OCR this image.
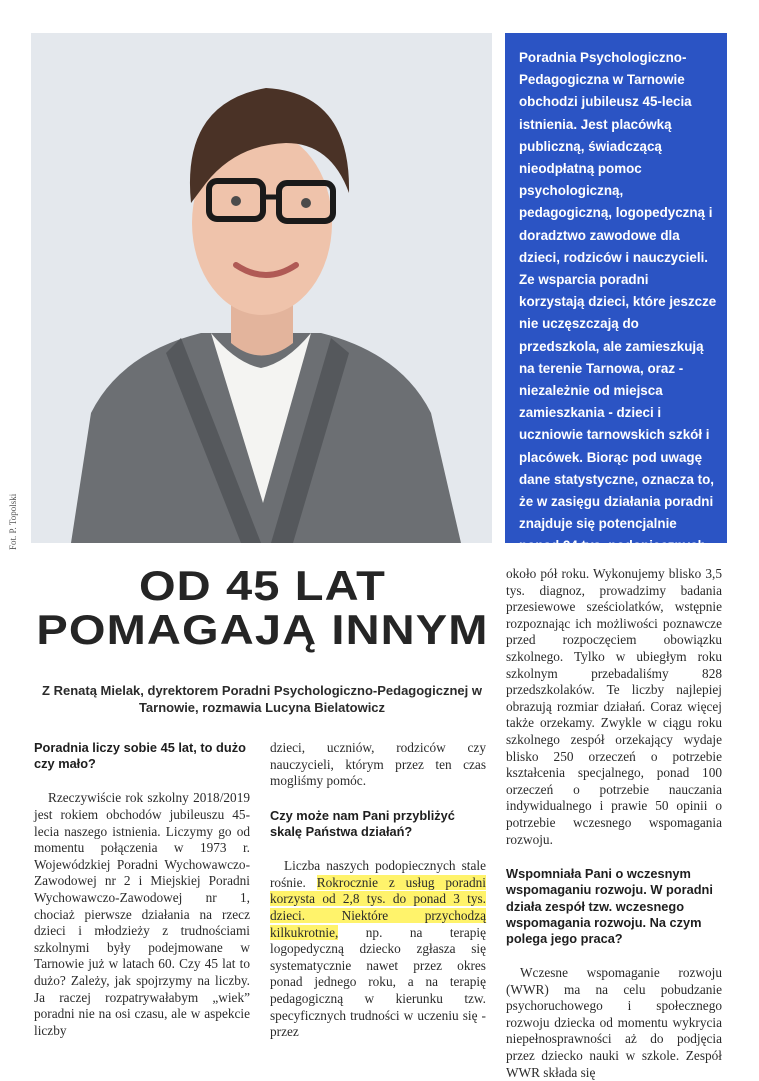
Fot. P. Topolski

Poradnia Psychologiczno-Pedagogiczna w Tarnowie obchodzi jubileusz 45-lecia istnienia. Jest placówką publiczną, świadczącą nieodpłatną pomoc psychologiczną, pedagogiczną, logopedyczną i doradztwo zawodowe dla dzieci, rodziców i nauczycieli. Ze wsparcia poradni korzystają dzieci, które jeszcze nie uczęszczają do przedszkola, ale zamieszkują na terenie Tarnowa, oraz - niezależnie od miejsca zamieszkania - dzieci i uczniowie tarnowskich szkół i placówek. Biorąc pod uwagę dane statystyczne, oznacza to, że w zasięgu działania poradni znajduje się potencjalnie ponad 24 tys. podopiecznych.

OD 45 LAT
POMAGAJĄ INNYM
Z Renatą Mielak, dyrektorem Poradni Psychologiczno-Pedagogicznej w Tarnowie, rozmawia Lucyna Bielatowicz

Poradnia liczy sobie 45 lat, to dużo czy mało?

Rzeczywiście rok szkolny 2018/2019 jest rokiem obchodów jubileuszu 45-lecia naszego istnienia. Liczymy go od momentu połączenia w 1973 r. Wojewódzkiej Poradni Wychowawczo-Zawodowej nr 2 i Miejskiej Poradni Wychowawczo-Zawodowej nr 1, chociaż pierwsze działania na rzecz dzieci i młodzieży z trudnościami szkolnymi były podejmowane w Tarnowie już w latach 60. Czy 45 lat to dużo? Zależy, jak spojrzymy na liczby. Ja raczej rozpatrywałabym „wiek” poradni nie na osi czasu, ale w aspekcie liczby

dzieci, uczniów, rodziców czy nauczycieli, którym przez ten czas mogliśmy pomóc.

Czy może nam Pani przybliżyć skalę Państwa działań?

Liczba naszych podopiecznych stale rośnie. Rokrocznie z usług poradni korzysta od 2,8 tys. do ponad 3 tys. dzieci. Niektóre przychodzą kilkukrotnie, np. na terapię logopedyczną dziecko zgłasza się systematycznie nawet przez okres ponad jednego roku, a na terapię pedagogiczną w kierunku tzw. specyficznych trudności w uczeniu się - przez

około pół roku. Wykonujemy blisko 3,5 tys. diagnoz, prowadzimy badania przesiewowe sześciolatków, wstępnie rozpoznając ich możliwości poznawcze przed rozpoczęciem obowiązku szkolnego. Tylko w ubiegłym roku szkolnym przebadaliśmy 828 przedszkolaków. Te liczby najlepiej obrazują rozmiar działań. Coraz więcej także orzekamy. Zwykle w ciągu roku szkolnego zespół orzekający wydaje blisko 250 orzeczeń o potrzebie kształcenia specjalnego, ponad 100 orzeczeń o potrzebie nauczania indywidualnego i prawie 50 opinii o potrzebie wczesnego wspomagania rozwoju.

Wspomniała Pani o wczesnym wspomaganiu rozwoju. W poradni działa zespół tzw. wczesnego wspomagania rozwoju. Na czym polega jego praca?

Wczesne wspomaganie rozwoju (WWR) ma na celu pobudzanie psychoruchowego i społecznego rozwoju dziecka od momentu wykrycia niepełnosprawności aż do podjęcia przez dziecko nauki w szkole. Zespół WWR składa się
